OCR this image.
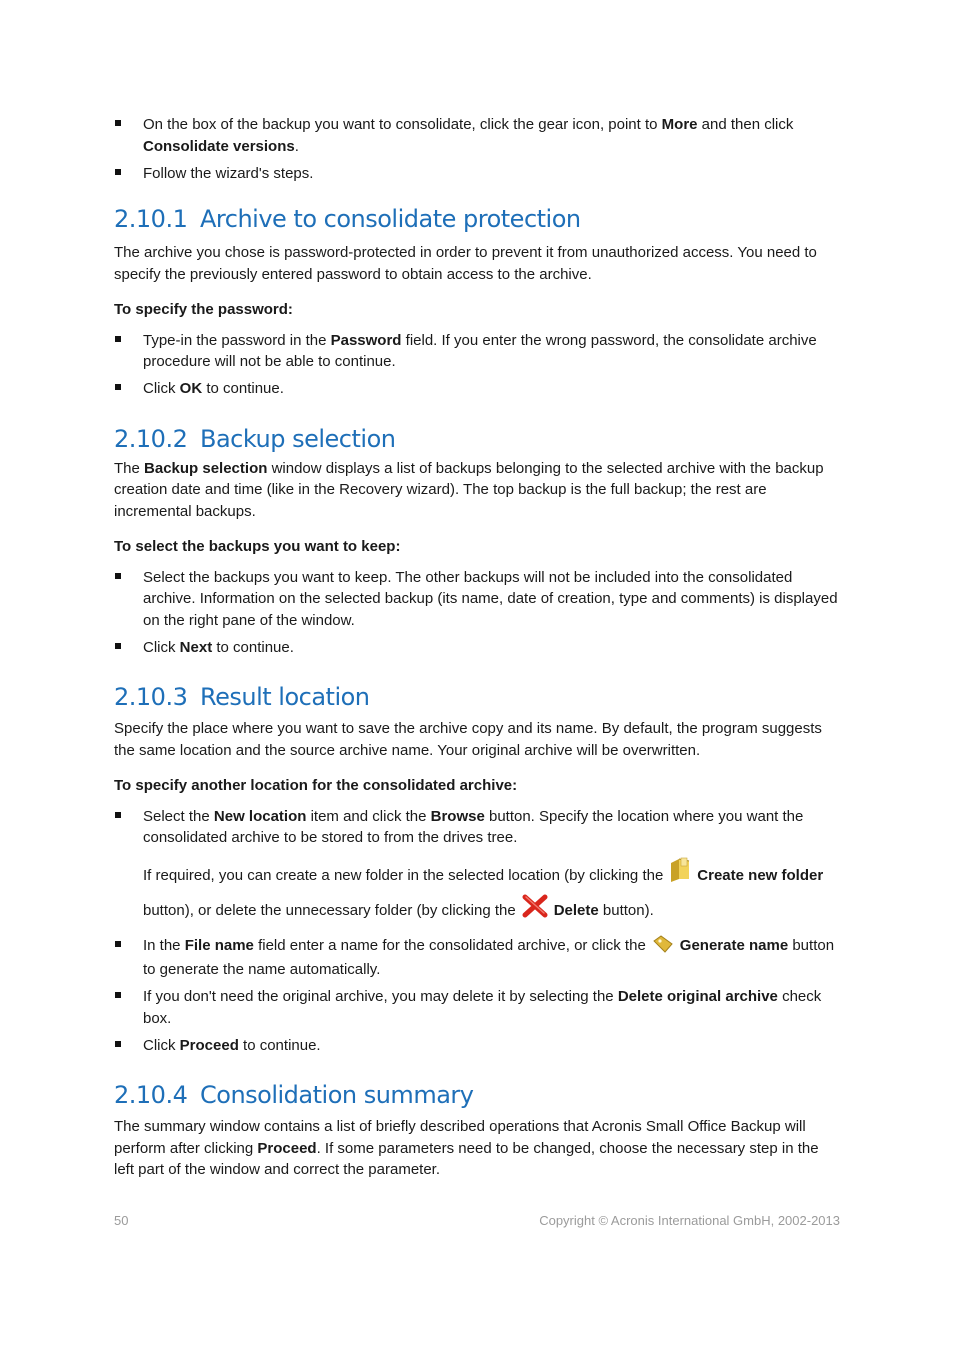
On the box of the backup you want to consolidate, click the gear icon, point to More and then click Consolidate versions.
Follow the wizard's steps.
2.10.1 Archive to consolidate protection

The archive you chose is password-protected in order to prevent it from unauthorized access. You need to specify the previously entered password to obtain access to the archive.

To specify the password:

Type-in the password in the Password field. If you enter the wrong password, the consolidate archive procedure will not be able to continue.
Click OK to continue.
2.10.2 Backup selection

The Backup selection window displays a list of backups belonging to the selected archive with the backup creation date and time (like in the Recovery wizard). The top backup is the full backup; the rest are incremental backups.

To select the backups you want to keep:

Select the backups you want to keep. The other backups will not be included into the consolidated archive. Information on the selected backup (its name, date of creation, type and comments) is displayed on the right pane of the window.
Click Next to continue.
2.10.3 Result location

Specify the place where you want to save the archive copy and its name. By default, the program suggests the same location and the source archive name. Your original archive will be overwritten.

To specify another location for the consolidated archive:

Select the New location item and click the Browse button. Specify the location where you want the consolidated archive to be stored to from the drives tree.

If required, you can create a new folder in the selected location (by clicking the Create new folder button), or delete the unnecessary folder (by clicking the	Delete button).

In the File name field enter a name for the consolidated archive, or click the Generate name button to generate the name automatically.
If you don't need the original archive, you may delete it by selecting the Delete original archive check box.
Click Proceed to continue.
2.10.4 Consolidation summary

The summary window contains a list of briefly described operations that Acronis Small Office Backup will perform after clicking Proceed. If some parameters need to be changed, choose the necessary step in the left part of the window and correct the parameter.

50	Copyright © Acronis International GmbH, 2002-2013
